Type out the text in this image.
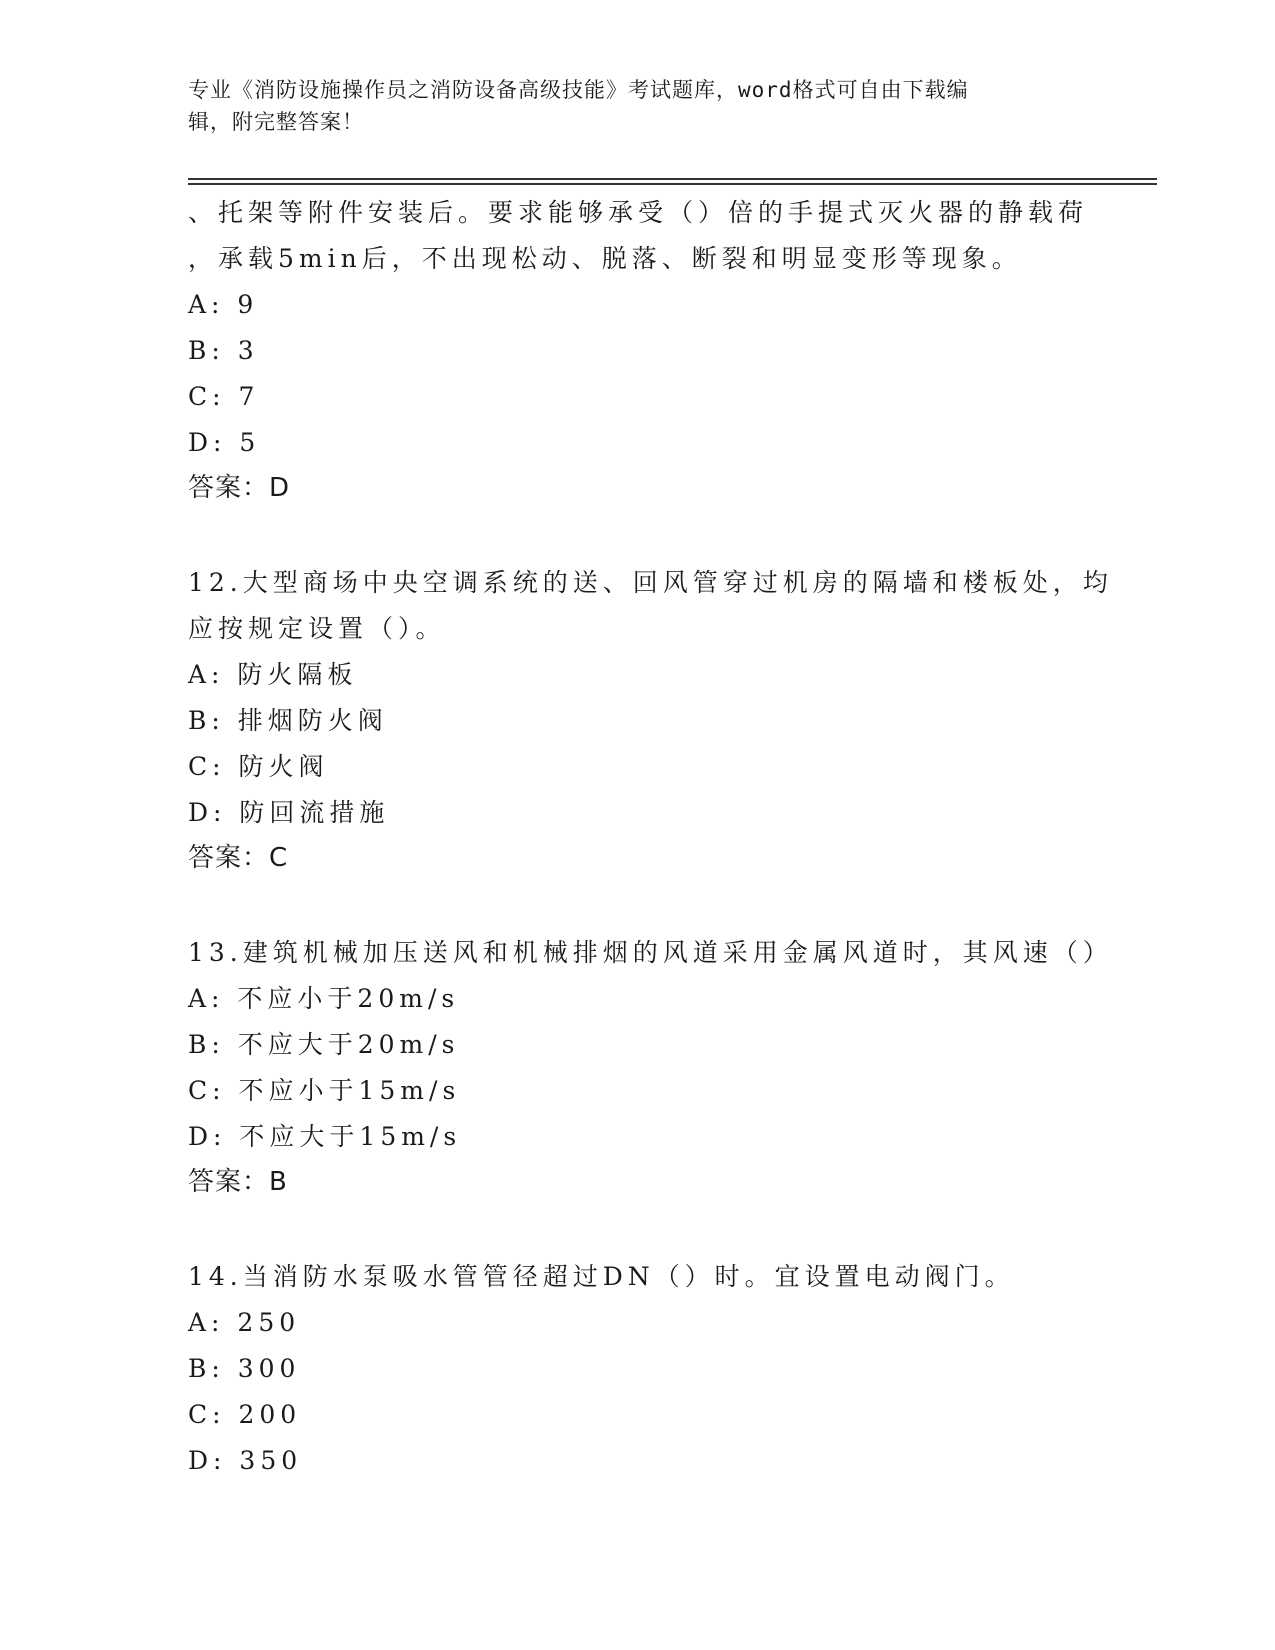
专业《消防设施操作员之消防设备高级技能》考试题库，word格式可自由下载编
辑，附完整答案！
、托架等附件安装后。要求能够承受（）倍的手提式灭火器的静载荷
，承载5min后，不出现松动、脱落、断裂和明显变形等现象。
A: 9
B: 3
C: 7
D: 5
答案：D
12.大型商场中央空调系统的送、回风管穿过机房的隔墙和楼板处，均
应按规定设置（）。
A: 防火隔板
B: 排烟防火阀
C: 防火阀
D: 防回流措施
答案：C
13.建筑机械加压送风和机械排烟的风道采用金属风道时，其风速（）
A: 不应小于20m/s
B: 不应大于20m/s
C: 不应小于15m/s
D: 不应大于15m/s
答案：B
14.当消防水泵吸水管管径超过DN（）时。宜设置电动阀门。
A: 250
B: 300
C: 200
D: 350
